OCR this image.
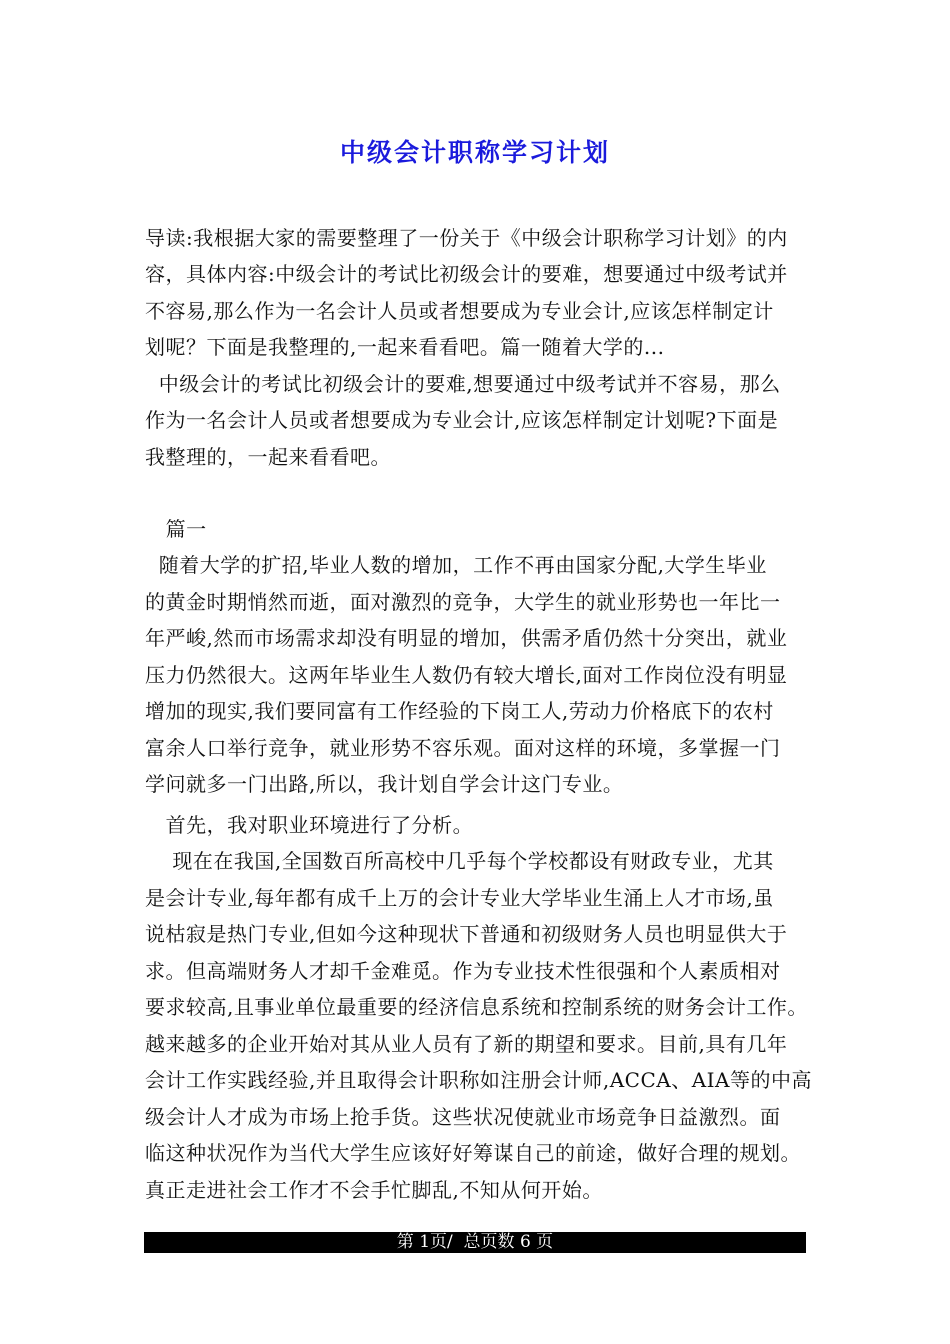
中级会计职称学习计划
导读:我根据大家的需要整理了一份关于《中级会计职称学习计划》的内
容，具体内容:中级会计的考试比初级会计的要难，想要通过中级考试并
不容易,那么作为一名会计人员或者想要成为专业会计,应该怎样制定计
划呢？下面是我整理的,一起来看看吧。篇一随着大学的...
中级会计的考试比初级会计的要难,想要通过中级考试并不容易，那么
作为一名会计人员或者想要成为专业会计,应该怎样制定计划呢?下面是
我整理的，一起来看看吧。
篇一
随着大学的扩招,毕业人数的增加，工作不再由国家分配,大学生毕业
的黄金时期悄然而逝，面对激烈的竞争，大学生的就业形势也一年比一
年严峻,然而市场需求却没有明显的增加，供需矛盾仍然十分突出，就业
压力仍然很大。这两年毕业生人数仍有较大增长,面对工作岗位没有明显
增加的现实,我们要同富有工作经验的下岗工人,劳动力价格底下的农村
富余人口举行竞争，就业形势不容乐观。面对这样的环境，多掌握一门
学问就多一门出路,所以，我计划自学会计这门专业。
首先，我对职业环境进行了分析。
现在在我国,全国数百所高校中几乎每个学校都设有财政专业，尤其
是会计专业,每年都有成千上万的会计专业大学毕业生涌上人才市场,虽
说枯寂是热门专业,但如今这种现状下普通和初级财务人员也明显供大于
求。但高端财务人才却千金难觅。作为专业技术性很强和个人素质相对
要求较高,且事业单位最重要的经济信息系统和控制系统的财务会计工作。
越来越多的企业开始对其从业人员有了新的期望和要求。目前,具有几年
会计工作实践经验,并且取得会计职称如注册会计师,ACCA、AIA等的中高
级会计人才成为市场上抢手货。这些状况使就业市场竞争日益激烈。面
临这种状况作为当代大学生应该好好筹谋自己的前途，做好合理的规划。
真正走进社会工作才不会手忙脚乱,不知从何开始。
第 1页/  总页数 6 页
